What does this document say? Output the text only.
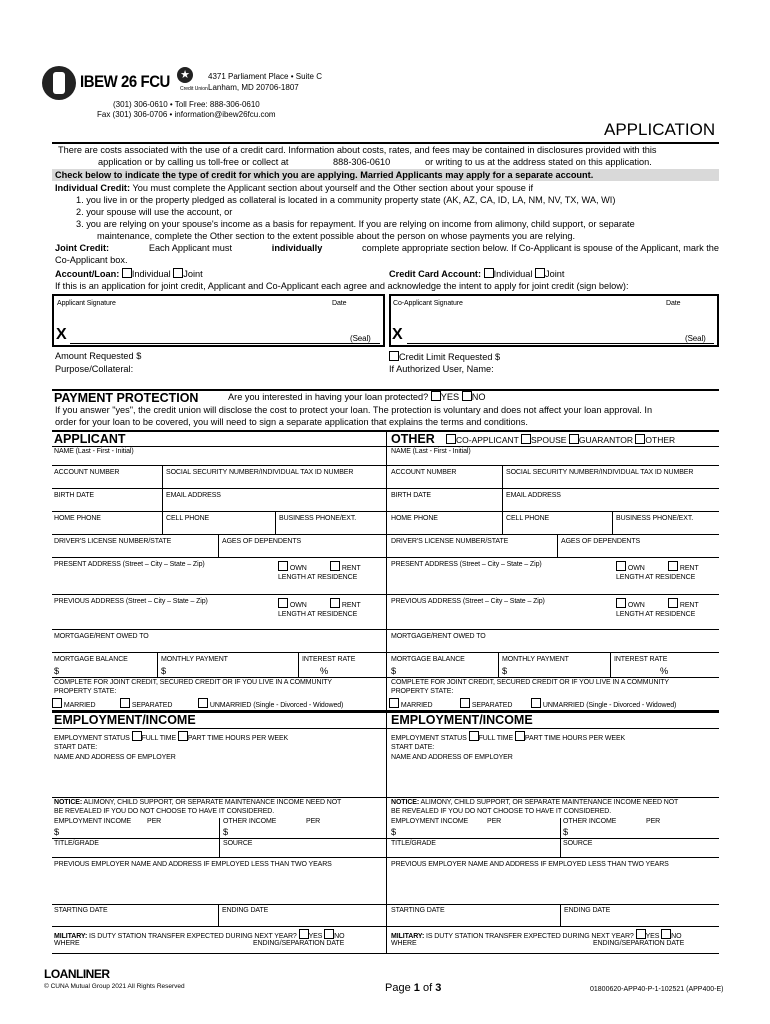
IBEW 26 FCU ★
Credit Union
4371 Parliament Place • Suite C
Lanham, MD 20706-1807
(301) 306-0610 • Toll Free: 888-306-0610
Fax (301) 306-0706 • information@ibew26fcu.com
APPLICATION
There are costs associated with the use of a credit card. Information about costs, rates, and fees may be contained in disclosures provided with this
application or by calling us toll-free or collect at	888-306-0610	or writing to us at the address stated on this application.
Check below to indicate the type of credit for which you are applying. Married Applicants may apply for a separate account.
Individual Credit: You must complete the Applicant section about yourself and the Other section about your spouse if
1. you live in or the property pledged as collateral is located in a community property state (AK, AZ, CA, ID, LA, NM, NV, TX, WA, WI)
2. your spouse will use the account, or
3. you are relying on your spouse's income as a basis for repayment. If you are relying on income from alimony, child support, or separate
maintenance, complete the Other section to the extent possible about the person on whose payments you are relying.
Joint Credit:	Each Applicant must	individually	complete appropriate section below. If Co-Applicant is spouse of the Applicant, mark the
Co-Applicant box.
Account/Loan: Individual Joint	Credit Card Account: Individual Joint
If this is an application for joint credit, Applicant and Co-Applicant each agree and acknowledge the intent to apply for joint credit (sign below):
Applicant Signature	Date	Co-Applicant Signature	Date
X	X
(Seal)	(Seal)
Amount Requested $
Purpose/Collateral:
Credit Limit Requested $
If Authorized User, Name:
PAYMENT PROTECTION	Are you interested in having your loan protected? YES NO
If you answer "yes", the credit union will disclose the cost to protect your loan. The protection is voluntary and does not affect your loan approval. In
order for your loan to be covered, you will need to sign a separate application that explains the terms and conditions.
APPLICANT	OTHER	CO-APPLICANT SPOUSE GUARANTOR OTHER
NAME (Last - First - Initial)
ACCOUNT NUMBER	SOCIAL SECURITY NUMBER/INDIVIDUAL TAX ID NUMBER
BIRTH DATE	EMAIL ADDRESS
HOME PHONE	CELL PHONE	BUSINESS PHONE/EXT.
DRIVER'S LICENSE NUMBER/STATE	AGES OF DEPENDENTS
PRESENT ADDRESS (Street – City – State – Zip)
OWN	RENT
LENGTH AT RESIDENCE
PREVIOUS ADDRESS (Street – City – State – Zip)
OWN	RENT
LENGTH AT RESIDENCE
MORTGAGE/RENT OWED TO
MORTGAGE BALANCE	MONTHLY PAYMENT	INTEREST RATE
$	$	%
COMPLETE FOR JOINT CREDIT, SECURED CREDIT OR IF YOU LIVE IN A COMMUNITY
PROPERTY STATE:
MARRIED	SEPARATED	UNMARRIED (Single - Divorced - Widowed)
NAME (Last - First - Initial)
ACCOUNT NUMBER	SOCIAL SECURITY NUMBER/INDIVIDUAL TAX ID NUMBER
BIRTH DATE	EMAIL ADDRESS
HOME PHONE	CELL PHONE	BUSINESS PHONE/EXT.
DRIVER'S LICENSE NUMBER/STATE	AGES OF DEPENDENTS
PRESENT ADDRESS (Street – City – State – Zip)
OWN	RENT
LENGTH AT RESIDENCE
PREVIOUS ADDRESS (Street – City – State – Zip)
OWN	RENT
LENGTH AT RESIDENCE
MORTGAGE/RENT OWED TO
MORTGAGE BALANCE	MONTHLY PAYMENT	INTEREST RATE
$	$	%
COMPLETE FOR JOINT CREDIT, SECURED CREDIT OR IF YOU LIVE IN A COMMUNITY
PROPERTY STATE:
MARRIED	SEPARATED	UNMARRIED (Single - Divorced - Widowed)
EMPLOYMENT/INCOME	EMPLOYMENT/INCOME
EMPLOYMENT STATUS FULL TIME PART TIME HOURS PER WEEK
START DATE:
NAME AND ADDRESS OF EMPLOYER
NOTICE: ALIMONY, CHILD SUPPORT, OR SEPARATE MAINTENANCE INCOME NEED NOT
BE REVEALED IF YOU DO NOT CHOOSE TO HAVE IT CONSIDERED.
EMPLOYMENT INCOME PER	OTHER INCOME	PER
$	$
TITLE/GRADE	SOURCE
PREVIOUS EMPLOYER NAME AND ADDRESS IF EMPLOYED LESS THAN TWO YEARS
STARTING DATE	ENDING DATE
MILITARY: IS DUTY STATION TRANSFER EXPECTED DURING NEXT YEAR? YES NO
WHERE	ENDING/SEPARATION DATE
EMPLOYMENT STATUS FULL TIME PART TIME HOURS PER WEEK
START DATE:
NAME AND ADDRESS OF EMPLOYER
NOTICE: ALIMONY, CHILD SUPPORT, OR SEPARATE MAINTENANCE INCOME NEED NOT
BE REVEALED IF YOU DO NOT CHOOSE TO HAVE IT CONSIDERED.
EMPLOYMENT INCOME	PER	OTHER INCOME	PER
$	$
TITLE/GRADE	SOURCE
PREVIOUS EMPLOYER NAME AND ADDRESS IF EMPLOYED LESS THAN TWO YEARS
STARTING DATE	ENDING DATE
MILITARY: IS DUTY STATION TRANSFER EXPECTED DURING NEXT YEAR? YES NO
WHERE	ENDING/SEPARATION DATE
LOANLINER
© CUNA Mutual Group 2021 All Rights Reserved	Page 1 of 3	01800620-APP40-P-1-102521 (APP400-E)
